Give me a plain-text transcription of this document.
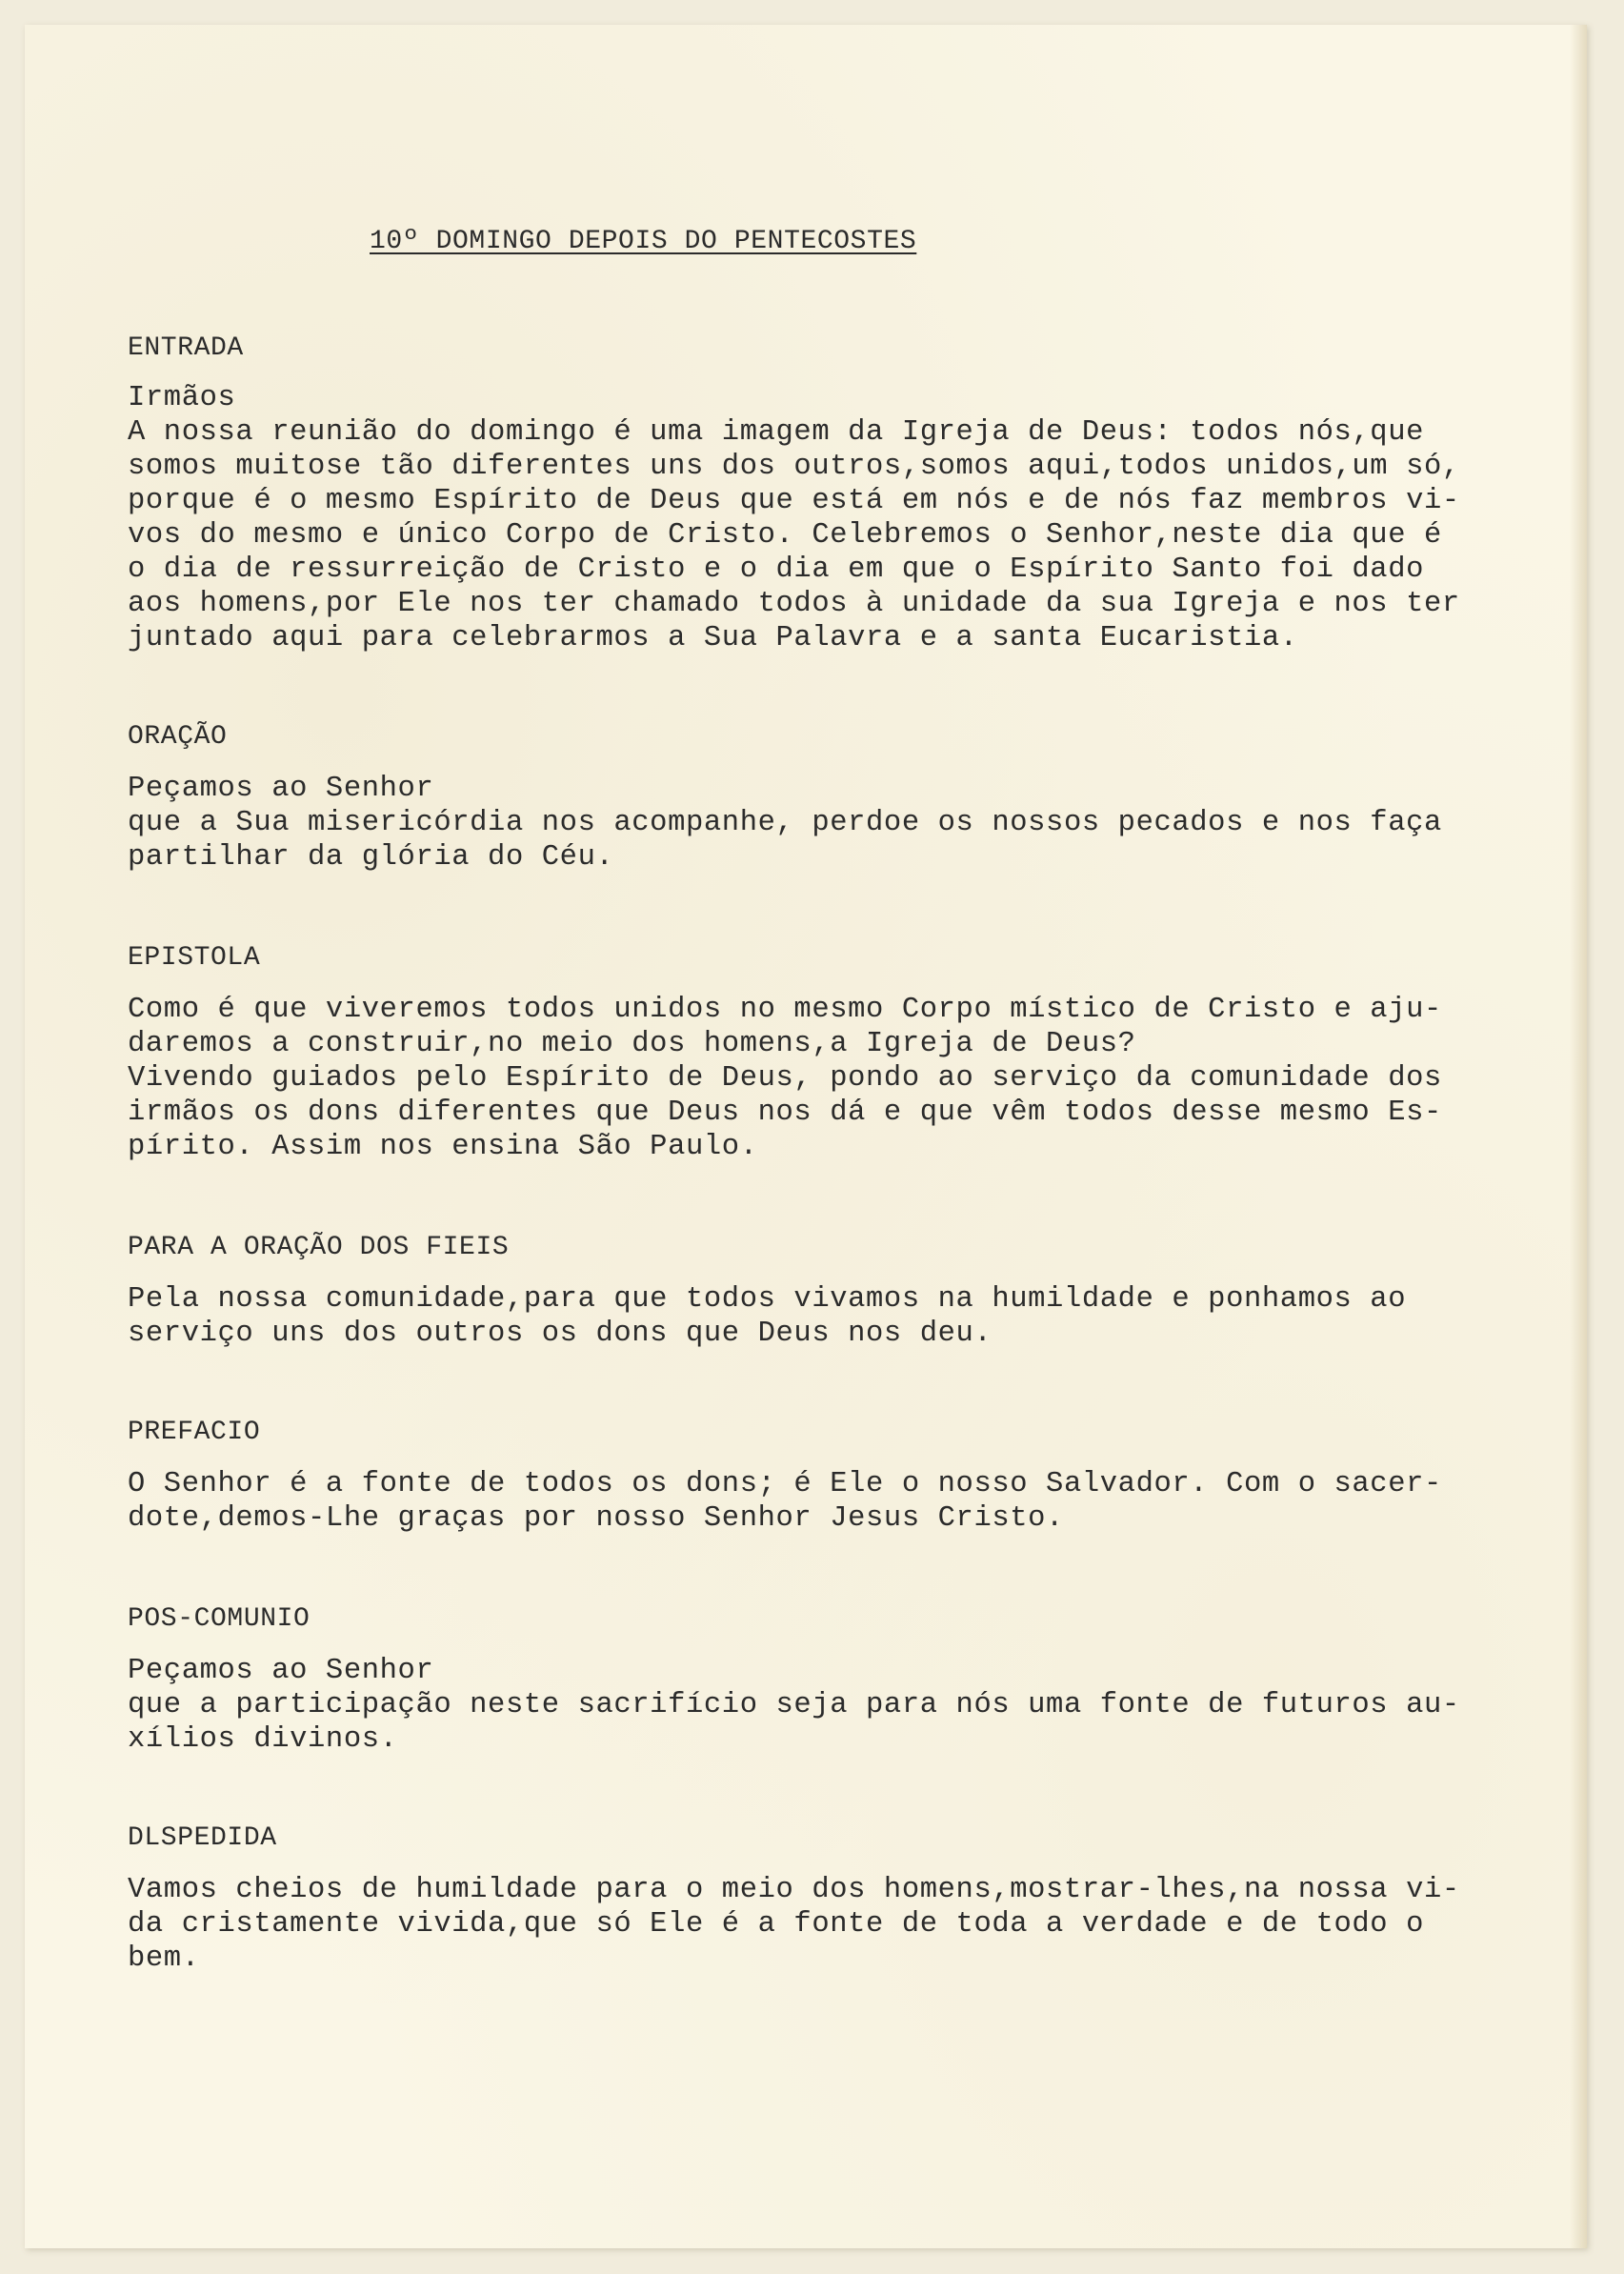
10º DOMINGO DEPOIS DO PENTECOSTES
ENTRADA
Irmãos
A nossa reunião do domingo é uma imagem da Igreja de Deus: todos nós,que
somos muitose tão diferentes uns dos outros,somos aqui,todos unidos,um só,
porque é o mesmo Espírito de Deus que está em nós e de nós faz membros vi-
vos do mesmo e único Corpo de Cristo. Celebremos o Senhor,neste dia que é
o dia de ressurreição de Cristo e o dia em que o Espírito Santo foi dado
aos homens,por Ele nos ter chamado todos à unidade da sua Igreja e nos ter
juntado aqui para celebrarmos a Sua Palavra e a santa Eucaristia.
ORAÇÃO
Peçamos ao Senhor
que a Sua misericórdia nos acompanhe, perdoe os nossos pecados e nos faça
partilhar da glória do Céu.
EPISTOLA
Como é que viveremos todos unidos no mesmo Corpo místico de Cristo e aju-
daremos a construir,no meio dos homens,a Igreja de Deus?
Vivendo guiados pelo Espírito de Deus, pondo ao serviço da comunidade dos
irmãos os dons diferentes que Deus nos dá e que vêm todos desse mesmo Es-
pírito. Assim nos ensina São Paulo.
PARA A ORAÇÃO DOS FIEIS
Pela nossa comunidade,para que todos vivamos na humildade e ponhamos ao
serviço uns dos outros os dons que Deus nos deu.
PREFACIO
O Senhor é a fonte de todos os dons; é Ele o nosso Salvador. Com o sacer-
dote,demos-Lhe graças por nosso Senhor Jesus Cristo.
POS-COMUNIO
Peçamos ao Senhor
que a participação neste sacrifício seja para nós uma fonte de futuros au-
xílios divinos.
DLSPEDIDA
Vamos cheios de humildade para o meio dos homens,mostrar-lhes,na nossa vi-
da cristamente vivida,que só Ele é a fonte de toda a verdade e de todo o
bem.
